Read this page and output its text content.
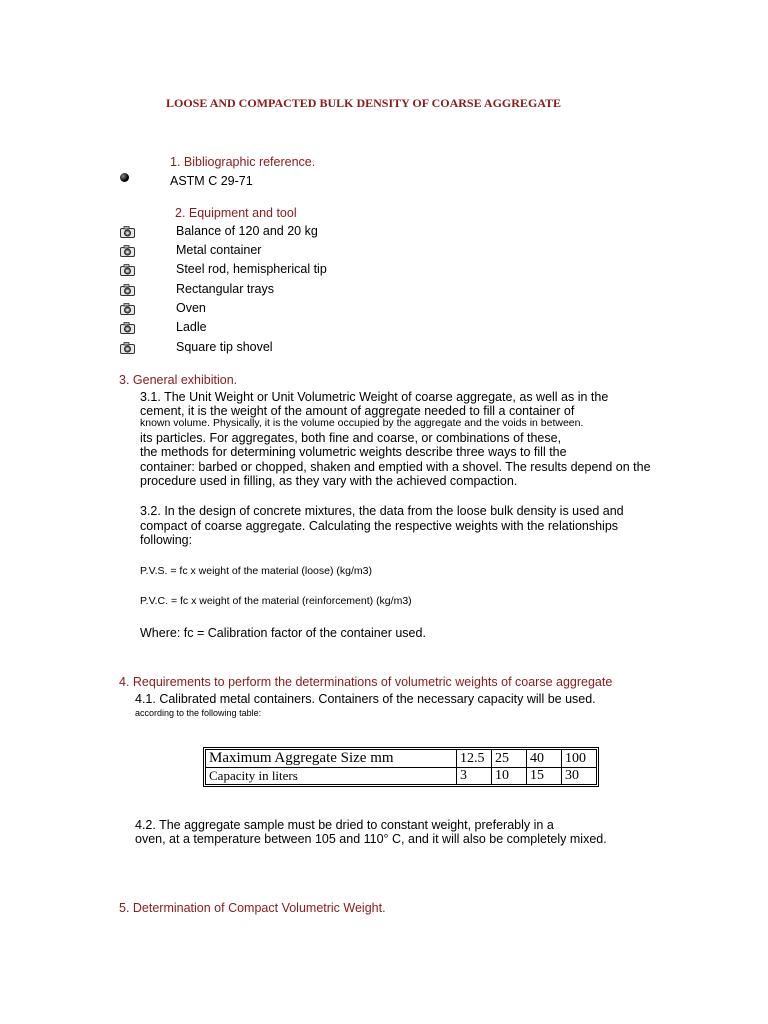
LOOSE AND COMPACTED BULK DENSITY OF COARSE AGGREGATE
1. Bibliographic reference.
ASTM C 29-71
2. Equipment and tool
3. General exhibition.
P.V.S. = fc x weight of the material (loose) (kg/m3)
P.V.C. = fc x weight of the material (reinforcement) (kg/m3)
Where: fc = Calibration factor of the container used.
4. Requirements to perform the determinations of volumetric weights of coarse aggregate
4.1. Calibrated metal containers. Containers of the necessary capacity will be used.
according to the following table:
Maximum Aggregate Size mm	12.5	25	40	100
Capacity in liters	3	10	15	30
5. Determination of Compact Volumetric Weight.
Balance of 120 and 20 kg
Metal container
Steel rod, hemispherical tip
Rectangular trays
Oven
Ladle
Square tip shovel
3.1. The Unit Weight or Unit Volumetric Weight of coarse aggregate, as well as in the
cement, it is the weight of the amount of aggregate needed to fill a container of
known volume. Physically, it is the volume occupied by the aggregate and the voids in between.
its particles. For aggregates, both fine and coarse, or combinations of these,
the methods for determining volumetric weights describe three ways to fill the
container: barbed or chopped, shaken and emptied with a shovel. The results depend on the
procedure used in filling, as they vary with the achieved compaction.
3.2. In the design of concrete mixtures, the data from the loose bulk density is used and
compact of coarse aggregate. Calculating the respective weights with the relationships
following:
4.2. The aggregate sample must be dried to constant weight, preferably in a
oven, at a temperature between 105 and 110° C, and it will also be completely mixed.
